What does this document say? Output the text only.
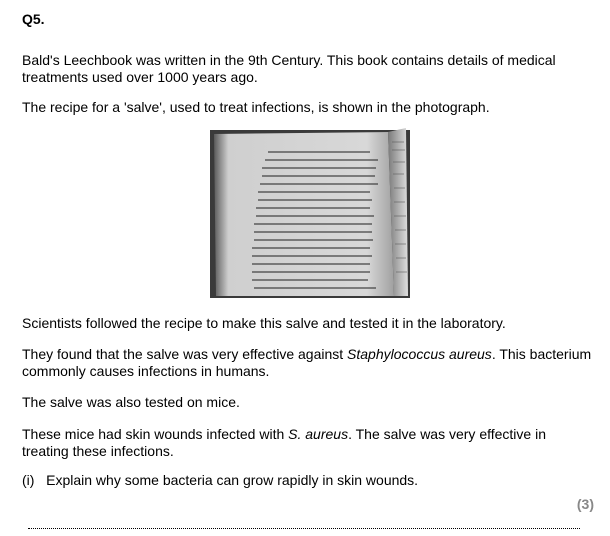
Q5.
Bald's Leechbook was written in the 9th Century. This book contains details of medical treatments used over 1000 years ago.
The recipe for a 'salve', used to treat infections, is shown in the photograph.
Scientists followed the recipe to make this salve and tested it in the laboratory.
They found that the salve was very effective against Staphylococcus aureus. This bacterium commonly causes infections in humans.
The salve was also tested on mice.
These mice had skin wounds infected with S. aureus. The salve was very effective in treating these infections.
(i) Explain why some bacteria can grow rapidly in skin wounds.
(3)
